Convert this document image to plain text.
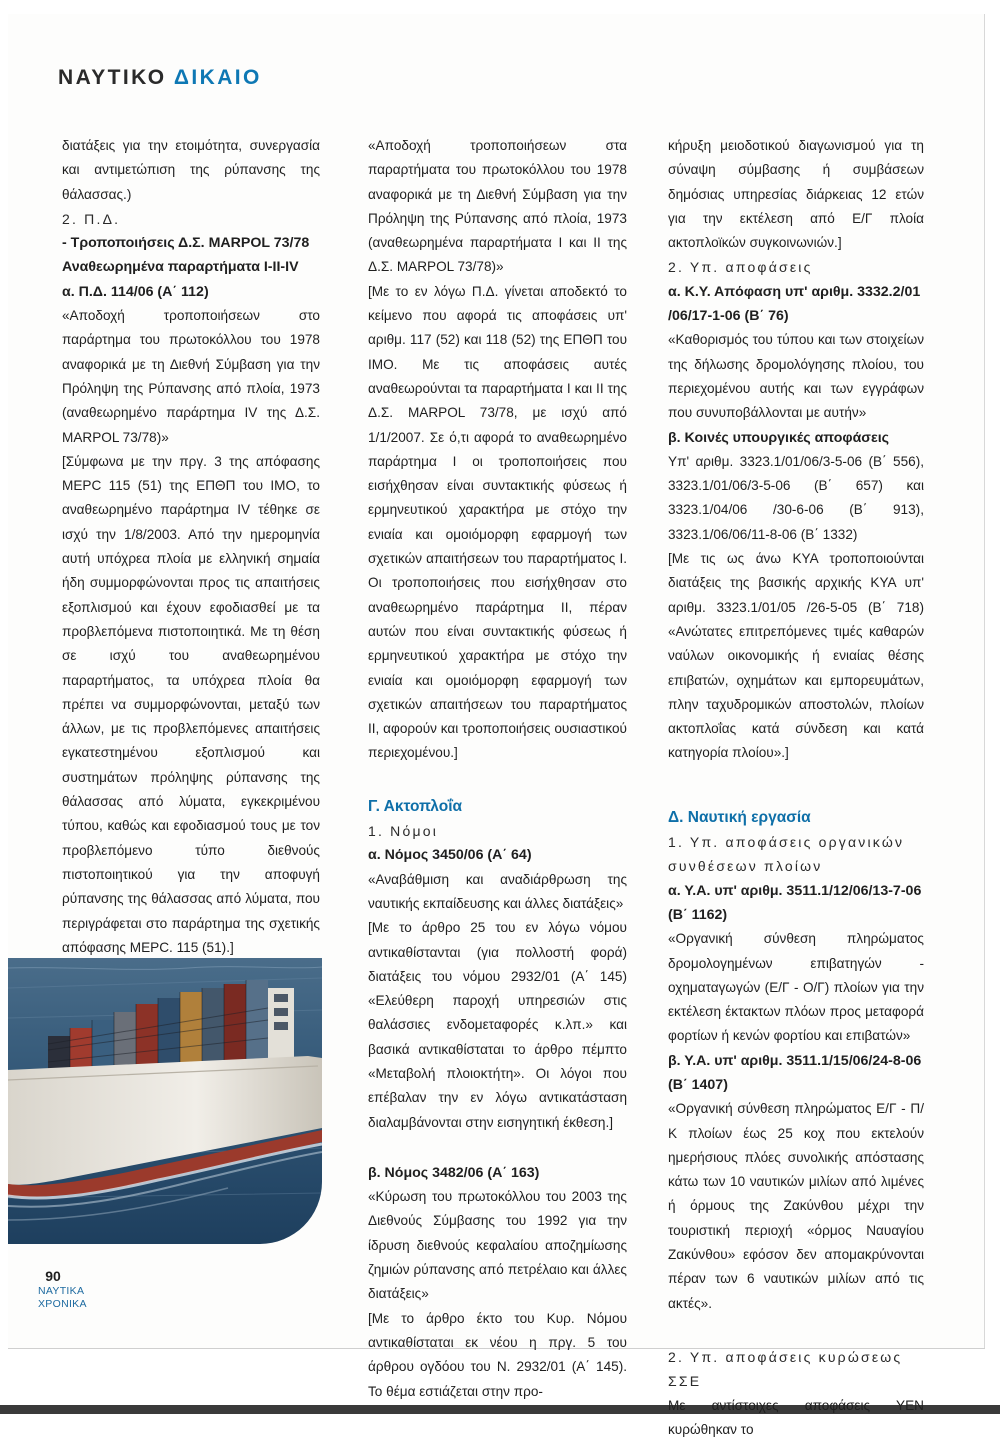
ΝΑΥΤΙΚΟ ΔΙΚΑΙΟ

διατάξεις για την ετοιμότητα, συνεργασία και αντιμετώπιση της ρύπανσης της θάλασσας.)

2. Π.Δ.

- Τροποποιήσεις Δ.Σ. MARPOL 73/78 Αναθεωρημένα παραρτήματα I-II-IV

α. Π.Δ. 114/06 (Α΄ 112)

«Αποδοχή τροποποιήσεων στο παράρτημα του πρωτοκόλλου του 1978 αναφορικά με τη Διεθνή Σύμβαση για την Πρόληψη της Ρύπανσης από πλοία, 1973 (αναθεωρημένο παράρτημα IV της Δ.Σ. MARPOL 73/78)»

[Σύμφωνα με την πργ. 3 της απόφασης MEPC 115 (51) της ΕΠΘΠ του ΙΜΟ, το αναθεωρημένο παράρτημα IV τέθηκε σε ισχύ την 1/8/2003. Από την ημερομηνία αυτή υπόχρεα πλοία με ελληνική σημαία ήδη συμμορφώνονται προς τις απαιτήσεις εξοπλισμού και έχουν εφοδιασθεί με τα προβλεπόμενα πιστοποιητικά. Με τη θέση σε ισχύ του αναθεωρημένου παραρτήματος, τα υπόχρεα πλοία θα πρέπει να συμμορφώνονται, μεταξύ των άλλων, με τις προβλεπόμενες απαιτήσεις εγκατεστημένου εξοπλισμού και συστημάτων πρόληψης ρύπανσης της θάλασσας από λύματα, εγκεκριμένου τύπου, καθώς και εφοδιασμού τους με τον προβλεπόμενο τύπο διεθνούς πιστοποιητικού για την αποφυγή ρύπανσης της θάλασσας από λύματα, που περιγράφεται στο παράρτημα της σχετικής απόφασης MEPC. 115 (51).]

«Αποδοχή τροποποιήσεων στα παραρτήματα του πρωτοκόλλου του 1978 αναφορικά με τη Διεθνή Σύμβαση για την Πρόληψη της Ρύπανσης από πλοία, 1973 (αναθεωρημένα παραρτήματα I και II της Δ.Σ. MARPOL 73/78)»

[Με το εν λόγω Π.Δ. γίνεται αποδεκτό το κείμενο που αφορά τις αποφάσεις υπ' αριθμ. 117 (52) και 118 (52) της ΕΠΘΠ του ΙΜΟ. Με τις αποφάσεις αυτές αναθεωρούνται τα παραρτήματα I και II της Δ.Σ. MARPOL 73/78, με ισχύ από 1/1/2007. Σε ό,τι αφορά το αναθεωρημένο παράρτημα I οι τροποποιήσεις που εισήχθησαν είναι συντακτικής φύσεως ή ερμηνευτικού χαρακτήρα με στόχο την ενιαία και ομοιόμορφη εφαρμογή των σχετικών απαιτήσεων του παραρτήματος I. Οι τροποποιήσεις που εισήχθησαν στο αναθεωρημένο παράρτημα II, πέραν αυτών που είναι συντακτικής φύσεως ή ερμηνευτικού χαρακτήρα με στόχο την ενιαία και ομοιόμορφη εφαρμογή των σχετικών απαιτήσεων του παραρτήματος II, αφορούν και τροποποιήσεις ουσιαστικού περιεχομένου.]

Γ. Ακτοπλοΐα

1. Νόμοι

α. Νόμος 3450/06 (Α΄ 64)

«Αναβάθμιση και αναδιάρθρωση της ναυτικής εκπαίδευσης και άλλες διατάξεις»

[Με το άρθρο 25 του εν λόγω νόμου αντικαθίστανται (για πολλοστή φορά) διατάξεις του νόμου 2932/01 (Α΄ 145) «Ελεύθερη παροχή υπηρεσιών στις θαλάσσιες ενδομεταφορές κ.λπ.» και βασικά αντικαθίσταται το άρθρο πέμπτο «Μεταβολή πλοιοκτήτη». Οι λόγοι που επέβαλαν την εν λόγω αντικατάσταση διαλαμβάνονται στην εισηγητική έκθεση.]

β. Νόμος 3482/06 (Α΄ 163)

«Κύρωση του πρωτοκόλλου του 2003 της Διεθνούς Σύμβασης του 1992 για την ίδρυση διεθνούς κεφαλαίου αποζημίωσης ζημιών ρύπανσης από πετρέλαιο και άλλες διατάξεις»

[Με το άρθρο έκτο του Κυρ. Νόμου αντικαθίσταται εκ νέου η πργ. 5 του άρθρου ογδόου του Ν. 2932/01 (Α΄ 145). Το θέμα εστιάζεται στην προ-

κήρυξη μειοδοτικού διαγωνισμού για τη σύναψη σύμβασης ή συμβάσεων δημόσιας υπηρεσίας διάρκειας 12 ετών για την εκτέλεση από Ε/Γ πλοία ακτοπλοϊκών συγκοινωνιών.]

2. Υπ. αποφάσεις

α. Κ.Υ. Απόφαση υπ' αριθμ. 3332.2/01 /06/17-1-06 (Β΄ 76)

«Καθορισμός του τύπου και των στοιχείων της δήλωσης δρομολόγησης πλοίου, του περιεχομένου αυτής και των εγγράφων που συνυποβάλλονται με αυτήν»

β. Κοινές υπουργικές αποφάσεις

Υπ' αριθμ. 3323.1/01/06/3-5-06 (Β΄ 556), 3323.1/01/06/3-5-06 (Β΄ 657) και 3323.1/04/06 /30-6-06 (Β΄ 913), 3323.1/06/06/11-8-06 (Β΄ 1332)

[Με τις ως άνω ΚΥΑ τροποποιούνται διατάξεις της βασικής αρχικής ΚΥΑ υπ' αριθμ. 3323.1/01/05 /26-5-05 (Β΄ 718) «Ανώτατες επιτρεπόμενες τιμές καθαρών ναύλων οικονομικής ή ενιαίας θέσης επιβατών, οχημάτων και εμπορευμάτων, πλην ταχυδρομικών αποστολών, πλοίων ακτοπλοΐας κατά σύνδεση και κατά κατηγορία πλοίου».]

Δ. Ναυτική εργασία

1. Υπ. αποφάσεις οργανικών συνθέσεων πλοίων

α. Υ.Α. υπ' αριθμ. 3511.1/12/06/13-7-06 (Β΄ 1162)

«Οργανική σύνθεση πληρώματος δρομολογημένων επιβατηγών - οχηματαγωγών (Ε/Γ - Ο/Γ) πλοίων για την εκτέλεση έκτακτων πλόων προς μεταφορά φορτίων ή κενών φορτίου και επιβατών»

β. Υ.Α. υπ' αριθμ. 3511.1/15/06/24-8-06 (Β΄ 1407)

«Οργανική σύνθεση πληρώματος Ε/Γ - Π/Κ πλοίων έως 25 κοχ που εκτελούν ημερήσιους πλόες συνολικής απόστασης κάτω των 10 ναυτικών μιλίων από λιμένες ή όρμους της Ζακύνθου μέχρι την τουριστική περιοχή «όρμος Ναυαγίου Ζακύνθου» εφόσον δεν απομακρύνονται πέραν των 6 ναυτικών μιλίων από τις ακτές».

2. Υπ. αποφάσεις κυρώσεως ΣΣΕ

Με αντίστοιχες αποφάσεις ΥΕΝ κυρώθηκαν το

90
ΝΑΥΤΙΚΑ
ΧΡΟΝΙΚΑ
